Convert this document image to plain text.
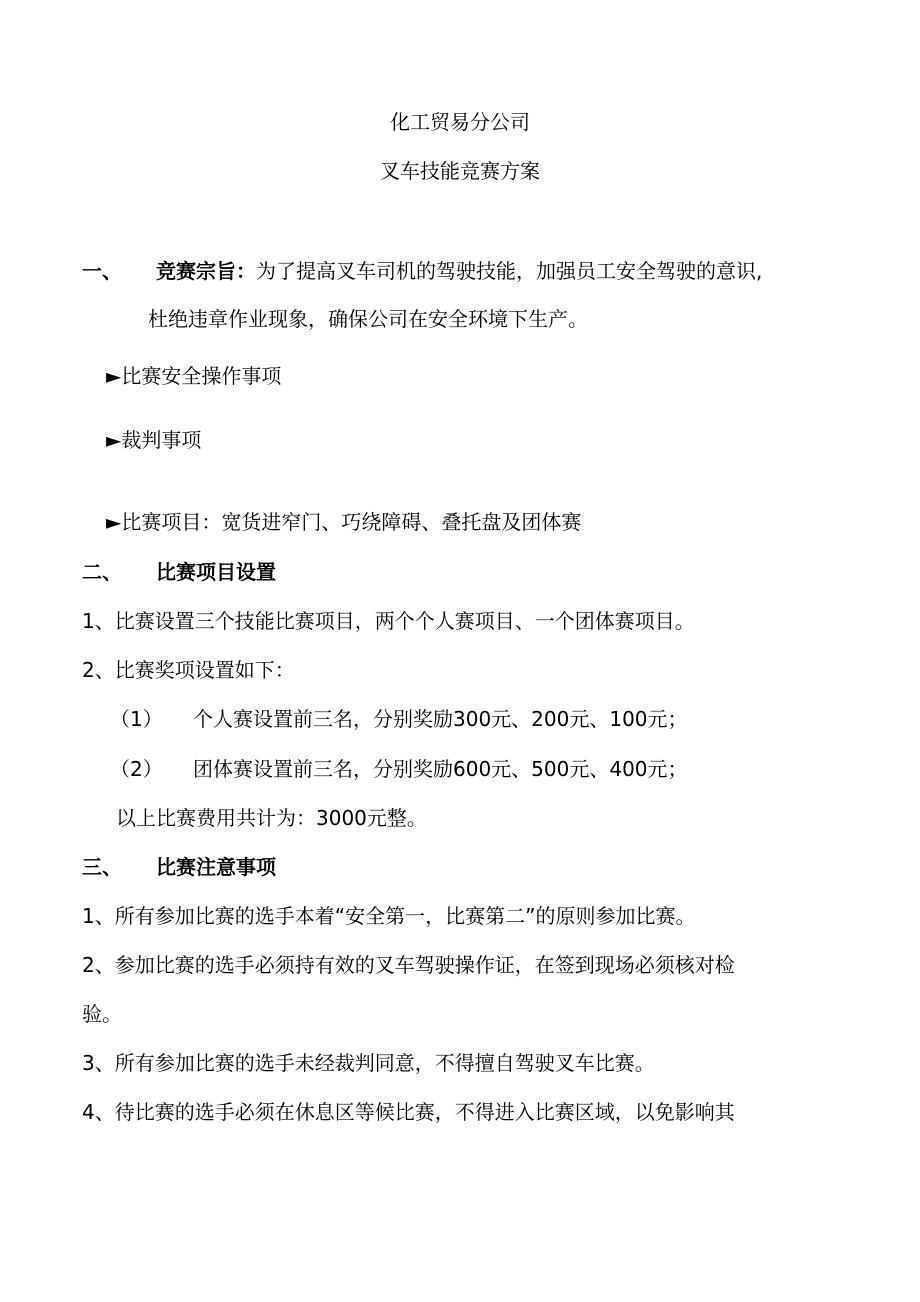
化工贸易分公司
叉车技能竞赛方案
一、 竞赛宗旨：为了提高叉车司机的驾驶技能，加强员工安全驾驶的意识,
杜绝违章作业现象，确保公司在安全环境下生产。
►比赛安全操作事项
►裁判事项
►比赛项目：宽货进窄门、巧绕障碍、叠托盘及团体赛
二、 比赛项目设置
1、比赛设置三个技能比赛项目，两个个人赛项目、一个团体赛项目。
2、比赛奖项设置如下：
（1） 个人赛设置前三名，分别奖励300元、200元、100元；
（2） 团体赛设置前三名，分别奖励600元、500元、400元；
以上比赛费用共计为：3000元整。
三、 比赛注意事项
1、所有参加比赛的选手本着“安全第一，比赛第二”的原则参加比赛。
2、参加比赛的选手必须持有效的叉车驾驶操作证，在签到现场必须核对检
验。
3、所有参加比赛的选手未经裁判同意，不得擅自驾驶叉车比赛。
4、待比赛的选手必须在休息区等候比赛，不得进入比赛区域，以免影响其
